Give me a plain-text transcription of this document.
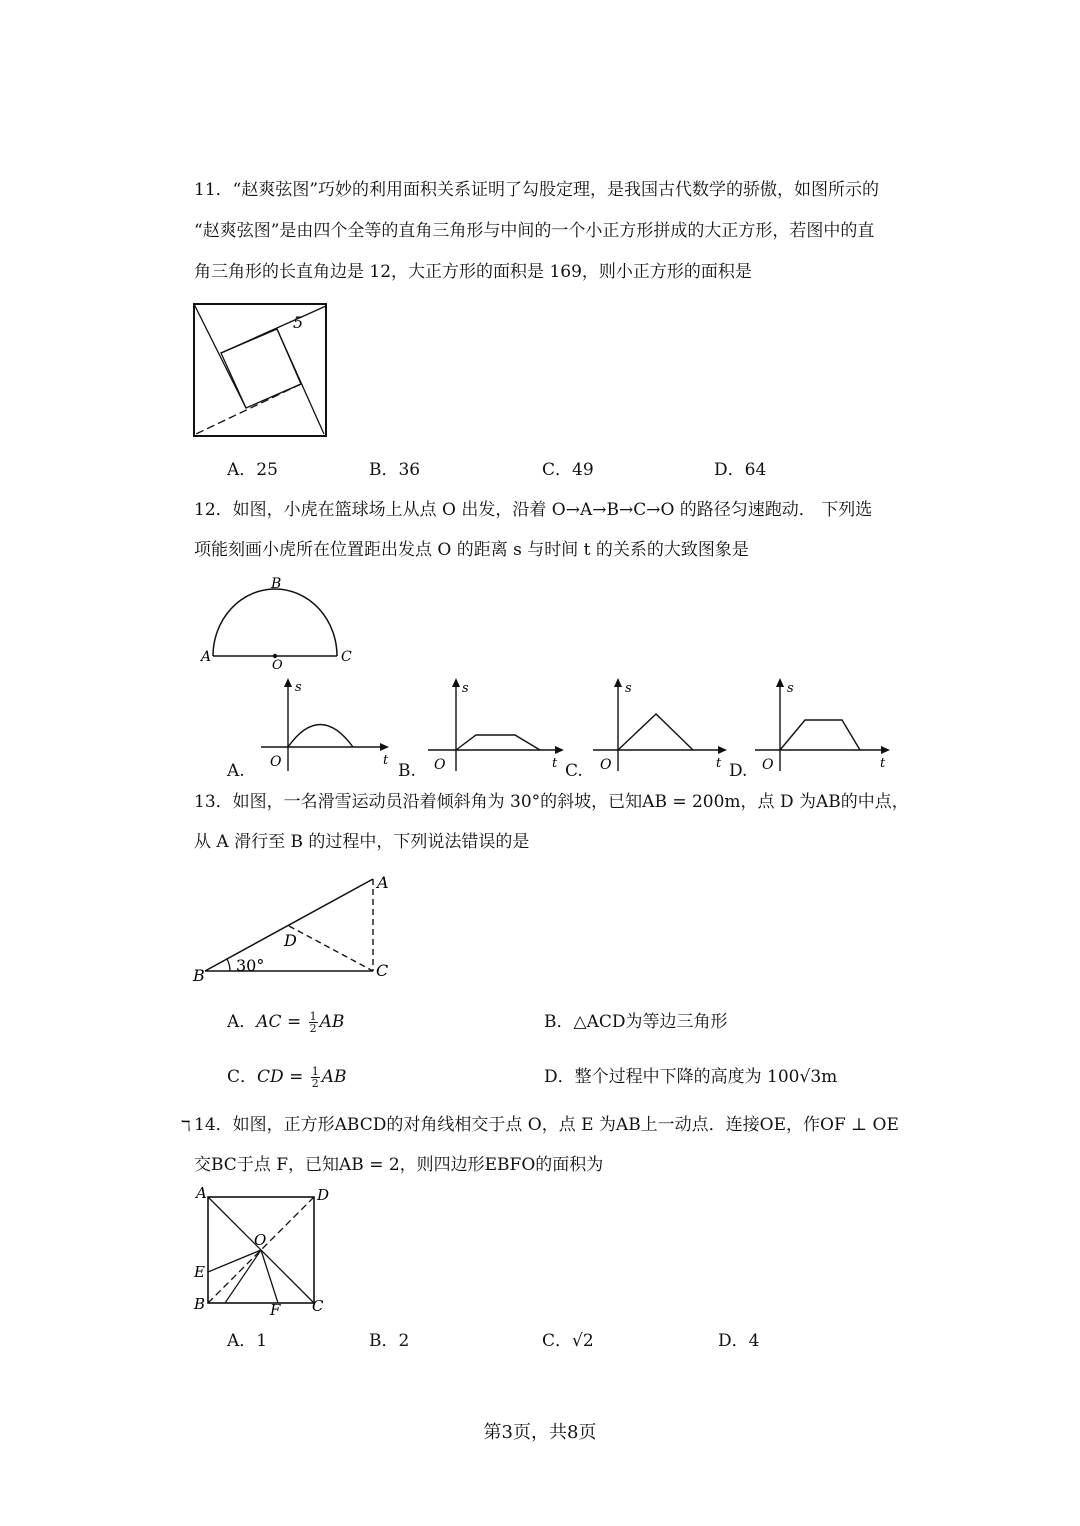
11．“赵爽弦图”巧妙的利用面积关系证明了勾股定理，是我国古代数学的骄傲，如图所示的
“赵爽弦图”是由四个全等的直角三角形与中间的一个小正方形拼成的大正方形，若图中的直
角三角形的长直角边是 12，大正方形的面积是 169，则小正方形的面积是
5
A．25	B．36	C．49	D．64
12．如图，小虎在篮球场上从点 O 出发，沿着 O→A→B→C→O 的路径匀速跑动． 下列选
项能刻画小虎所在位置距出发点 O 的距离 s 与时间 t 的关系的大致图象是
A
B
C
O
s
t
O
A.
s
t
O
B.
s
t
O
C.
s
t
O
D.
13．如图，一名滑雪运动员沿着倾斜角为 30°的斜坡，已知AB = 200m，点 D 为AB的中点，
从 A 滑行至 B 的过程中，下列说法错误的是
A
B	C
D
30°
A．AC = $\frac{1}{2}$ AB	B．△ACD为等边三角形
C．CD = $\frac{1}{2}$ AB	D．整个过程中下降的高度为 100√3m
ℸ 14．如图，正方形ABCD的对角线相交于点 O，点 E 为AB上一动点．连接OE，作OF ⊥ OE
交BC于点 F，已知AB = 2，则四边形EBFO的面积为
A	D
E
B	F C
O
A．1	B．2	C．√2	D．4
第3页，共8页
